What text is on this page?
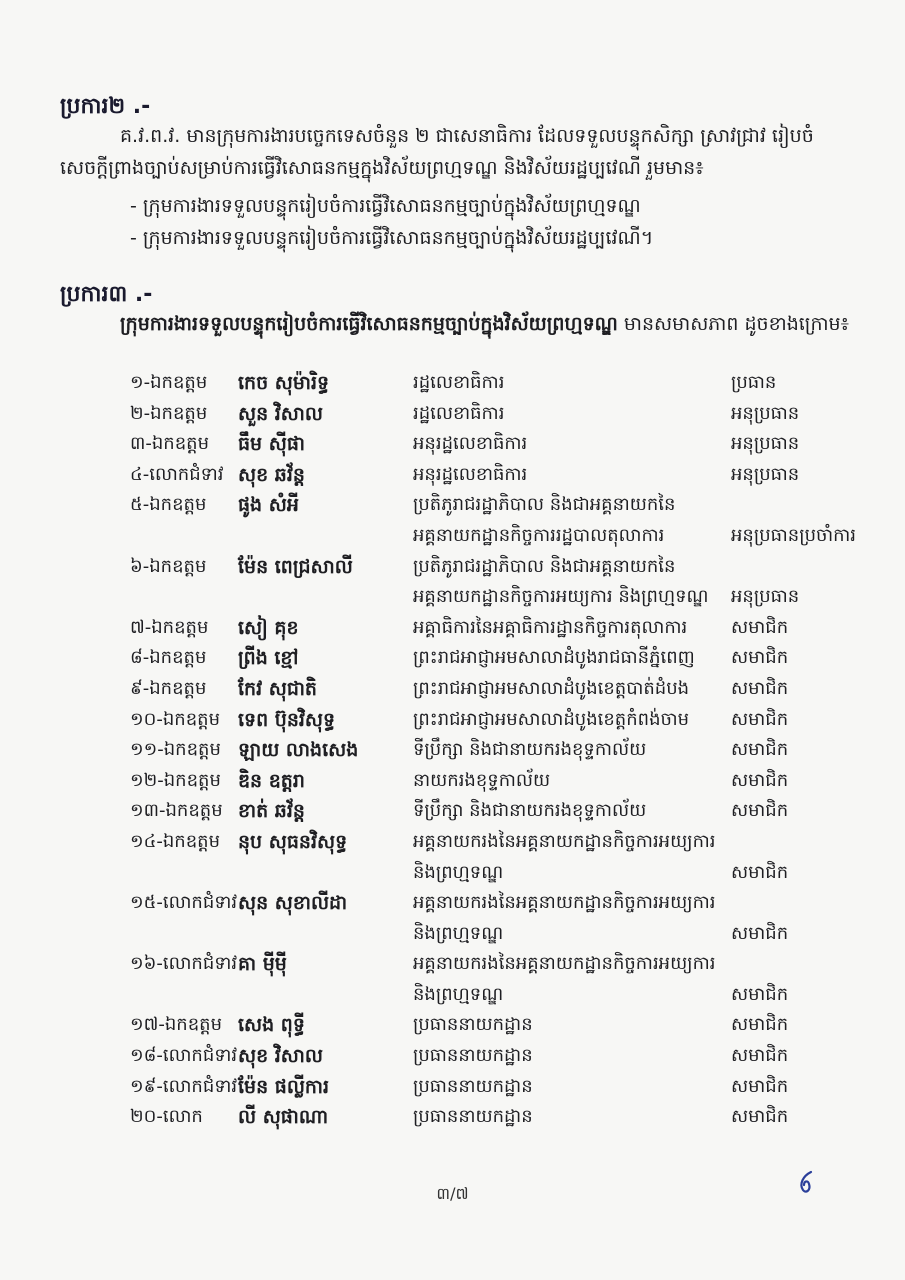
ប្រការ២ .-
គ.វ.ព.វ. មានក្រុមការងារបច្ចេកទេសចំនួន ២ ជាសេនាធិការ ដែលទទួលបន្ទុកសិក្សា ស្រាវជ្រាវ រៀបចំសេចក្ដីព្រាងច្បាប់សម្រាប់ការធ្វើវិសោធនកម្មក្នុងវិស័យព្រហ្មទណ្ឌ និងវិស័យរដ្ឋប្បវេណី រួមមាន៖
- ក្រុមការងារទទួលបន្ទុករៀបចំការធ្វើវិសោធនកម្មច្បាប់ក្នុងវិស័យព្រហ្មទណ្ឌ
- ក្រុមការងារទទួលបន្ទុករៀបចំការធ្វើវិសោធនកម្មច្បាប់ក្នុងវិស័យរដ្ឋប្បវេណី។
ប្រការ៣ .-
ក្រុមការងារទទួលបន្ទុករៀបចំការធ្វើវិសោធនកម្មច្បាប់ក្នុងវិស័យព្រហ្មទណ្ឌ មានសមាសភាព ដូចខាងក្រោម៖
១-ឯកឧត្តម	កេច សុម៉ារិទ្ធ	រដ្ឋលេខាធិការ	ប្រធាន
២-ឯកឧត្តម	សួន វិសាល	រដ្ឋលេខាធិការ	អនុប្រធាន
៣-ឯកឧត្តម	ធឹម ស៊ីផា	អនុរដ្ឋលេខាធិការ	អនុប្រធាន
៤-លោកជំទាវ	សុខ ឆវ័ន្ត	អនុរដ្ឋលេខាធិការ	អនុប្រធាន
៥-ឯកឧត្តម	ផូង សំអី	ប្រតិភូរាជរដ្ឋាភិបាល និងជាអគ្គនាយកនៃ
អគ្គនាយកដ្ឋានកិច្ចការរដ្ឋបាលតុលាការ	អនុប្រធានប្រចាំការ
៦-ឯកឧត្តម	ម៉ែន ពេជ្រសាលី	ប្រតិភូរាជរដ្ឋាភិបាល និងជាអគ្គនាយកនៃ
អគ្គនាយកដ្ឋានកិច្ចការអយ្យការ និងព្រហ្មទណ្ឌ	អនុប្រធាន
៧-ឯកឧត្តម	សៀ គុខ	អគ្គាធិការនៃអគ្គាធិការដ្ឋានកិច្ចការតុលាការ	សមាជិក
៨-ឯកឧត្តម	ព្រីង ខ្មៅ	ព្រះរាជអាជ្ញាអមសាលាដំបូងរាជធានីភ្នំពេញ	សមាជិក
៩-ឯកឧត្តម	កែវ សុជាតិ	ព្រះរាជអាជ្ញាអមសាលាដំបូងខេត្តបាត់ដំបង	សមាជិក
១០-ឯកឧត្តម	ទេព ប៊ុនវិសុទ្ធ	ព្រះរាជអាជ្ញាអមសាលាដំបូងខេត្តកំពង់ចាម	សមាជិក
១១-ឯកឧត្តម	ឡាយ លាងសេង	ទីប្រឹក្សា និងជានាយករងខុទ្ទកាល័យ	សមាជិក
១២-ឯកឧត្តម	ឌិន ឧត្តរា	នាយករងខុទ្ទកាល័យ	សមាជិក
១៣-ឯកឧត្តម	ខាត់ ឆវ័ន្ត	ទីប្រឹក្សា និងជានាយករងខុទ្ទកាល័យ	សមាជិក
១៤-ឯកឧត្តម	នុប សុធនវិសុទ្ធ	អគ្គនាយករងនៃអគ្គនាយកដ្ឋានកិច្ចការអយ្យការ
និងព្រហ្មទណ្ឌ	សមាជិក
១៥-លោកជំទាវ	សុន សុខាលីដា	អគ្គនាយករងនៃអគ្គនាយកដ្ឋានកិច្ចការអយ្យការ
និងព្រហ្មទណ្ឌ	សមាជិក
១៦-លោកជំទាវ	គា ម៉ីម៉ី	អគ្គនាយករងនៃអគ្គនាយកដ្ឋានកិច្ចការអយ្យការ
និងព្រហ្មទណ្ឌ	សមាជិក
១៧-ឯកឧត្តម	សេង ពុទ្ធី	ប្រធាននាយកដ្ឋាន	សមាជិក
១៨-លោកជំទាវ	សុខ វិសាល	ប្រធាននាយកដ្ឋាន	សមាជិក
១៩-លោកជំទាវ	ម៉ែន ផល្លីការ	ប្រធាននាយកដ្ឋាន	សមាជិក
២០-លោក	លី សុផាណា	ប្រធាននាយកដ្ឋាន	សមាជិក
៣/៧
